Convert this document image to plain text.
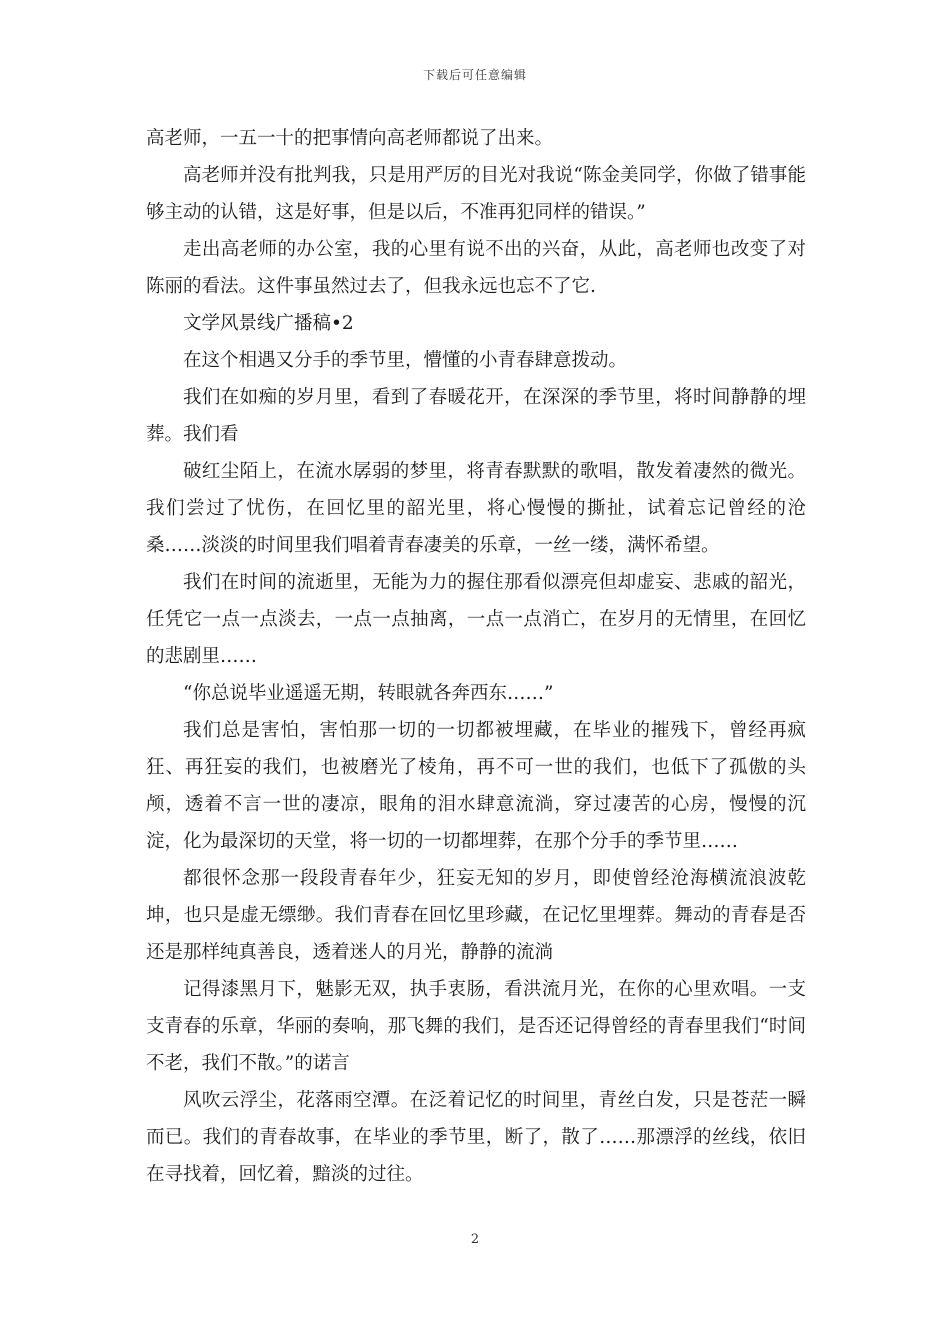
下载后可任意编辑

高老师，一五一十的把事情向高老师都说了出来。

高老师并没有批判我，只是用严厉的目光对我说“陈金美同学，你做了错事能够主动的认错，这是好事，但是以后，不准再犯同样的错误。”

走出高老师的办公室，我的心里有说不出的兴奋，从此，高老师也改变了对陈丽的看法。这件事虽然过去了，但我永远也忘不了它.

文学风景线广播稿•2

在这个相遇又分手的季节里，懵懂的小青春肆意拨动。

我们在如痴的岁月里，看到了春暖花开，在深深的季节里，将时间静静的埋葬。我们看

破红尘陌上，在流水孱弱的梦里，将青春默默的歌唱，散发着凄然的微光。我们尝过了忧伤，在回忆里的韶光里，将心慢慢的撕扯，试着忘记曾经的沧桑……淡淡的时间里我们唱着青春凄美的乐章，一丝一缕，满怀希望。

我们在时间的流逝里，无能为力的握住那看似漂亮但却虚妄、悲戚的韶光，任凭它一点一点淡去，一点一点抽离，一点一点消亡，在岁月的无情里，在回忆的悲剧里……

“你总说毕业遥遥无期，转眼就各奔西东……”

我们总是害怕，害怕那一切的一切都被埋藏，在毕业的摧残下，曾经再疯狂、再狂妄的我们，也被磨光了棱角，再不可一世的我们，也低下了孤傲的头颅，透着不言一世的凄凉，眼角的泪水肆意流淌，穿过凄苦的心房，慢慢的沉淀，化为最深切的天堂，将一切的一切都埋葬，在那个分手的季节里……

都很怀念那一段段青春年少，狂妄无知的岁月，即使曾经沧海横流浪波乾坤，也只是虚无缥缈。我们青春在回忆里珍藏，在记忆里埋葬。舞动的青春是否还是那样纯真善良，透着迷人的月光，静静的流淌

记得漆黑月下，魅影无双，执手衷肠，看洪流月光，在你的心里欢唱。一支支青春的乐章，华丽的奏响，那飞舞的我们，是否还记得曾经的青春里我们“时间不老，我们不散。”的诺言

风吹云浮尘，花落雨空潭。在泛着记忆的时间里，青丝白发，只是苍茫一瞬而已。我们的青春故事，在毕业的季节里，断了，散了……那漂浮的丝线，依旧在寻找着，回忆着，黯淡的过往。

2
